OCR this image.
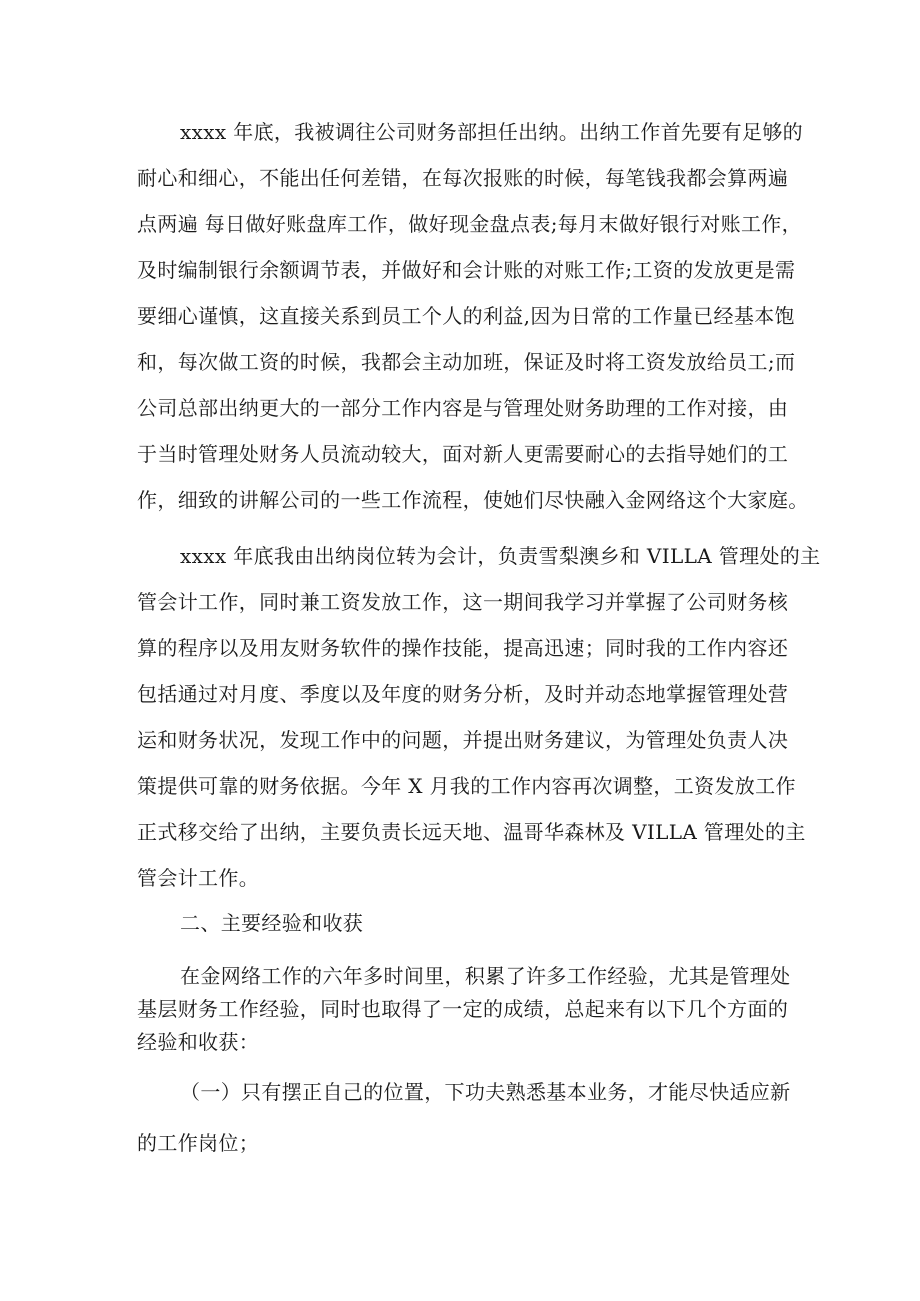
xxxx 年底，我被调往公司财务部担任出纳。出纳工作首先要有足够的
耐心和细心，不能出任何差错，在每次报账的时候，每笔钱我都会算两遍
点两遍 每日做好账盘库工作，做好现金盘点表;每月末做好银行对账工作，
及时编制银行余额调节表，并做好和会计账的对账工作;工资的发放更是需
要细心谨慎，这直接关系到员工个人的利益,因为日常的工作量已经基本饱
和，每次做工资的时候，我都会主动加班，保证及时将工资发放给员工;而
公司总部出纳更大的一部分工作内容是与管理处财务助理的工作对接，由
于当时管理处财务人员流动较大，面对新人更需要耐心的去指导她们的工
作，细致的讲解公司的一些工作流程，使她们尽快融入金网络这个大家庭。
xxxx 年底我由出纳岗位转为会计，负责雪梨澳乡和 VILLA 管理处的主
管会计工作，同时兼工资发放工作，这一期间我学习并掌握了公司财务核
算的程序以及用友财务软件的操作技能，提高迅速；同时我的工作内容还
包括通过对月度、季度以及年度的财务分析，及时并动态地掌握管理处营
运和财务状况，发现工作中的问题，并提出财务建议，为管理处负责人决
策提供可靠的财务依据。今年 X 月我的工作内容再次调整，工资发放工作
正式移交给了出纳，主要负责长远天地、温哥华森林及 VILLA 管理处的主
管会计工作。
二、主要经验和收获
在金网络工作的六年多时间里，积累了许多工作经验，尤其是管理处
基层财务工作经验，同时也取得了一定的成绩，总起来有以下几个方面的
经验和收获：
（一）只有摆正自己的位置，下功夫熟悉基本业务，才能尽快适应新
的工作岗位；
